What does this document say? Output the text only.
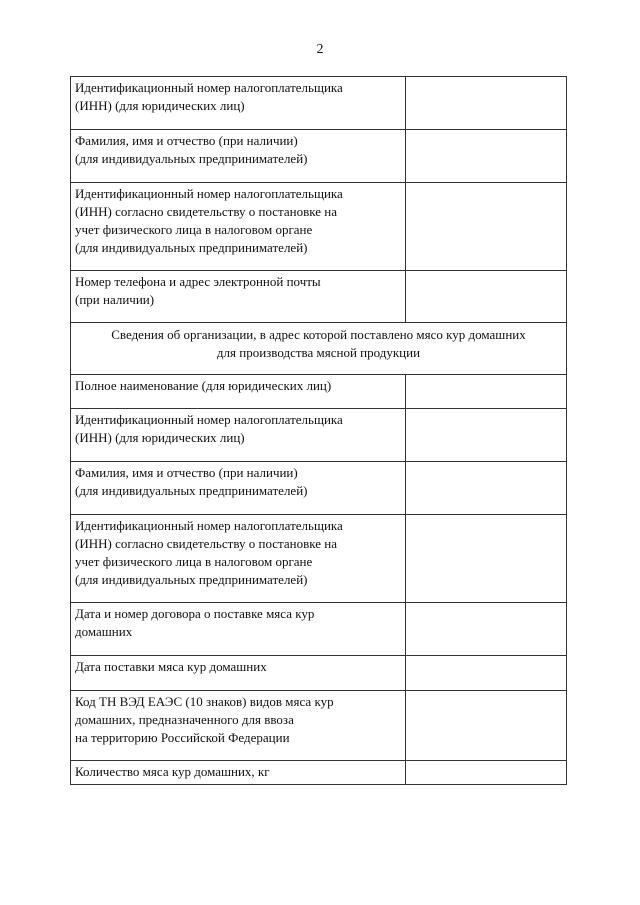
2
Идентификационный номер налогоплательщика
(ИНН) (для юридических лиц)	
Фамилия, имя и отчество (при наличии)
(для индивидуальных предпринимателей)	
Идентификационный номер налогоплательщика
(ИНН) согласно свидетельству о постановке на
учет физического лица в налоговом органе
(для индивидуальных предпринимателей)	
Номер телефона и адрес электронной почты
(при наличии)	
Сведения об организации, в адрес которой поставлено мясо кур домашних
для производства мясной продукции	
Полное наименование (для юридических лиц)	
Идентификационный номер налогоплательщика
(ИНН) (для юридических лиц)	
Фамилия, имя и отчество (при наличии)
(для индивидуальных предпринимателей)	
Идентификационный номер налогоплательщика
(ИНН) согласно свидетельству о постановке на
учет физического лица в налоговом органе
(для индивидуальных предпринимателей)	
Дата и номер договора о поставке мяса кур
домашних	
Дата поставки мяса кур домашних	
Код ТН ВЭД ЕАЭС (10 знаков) видов мяса кур
домашних, предназначенного для ввоза
на территорию Российской Федерации	
Количество мяса кур домашних, кг	
